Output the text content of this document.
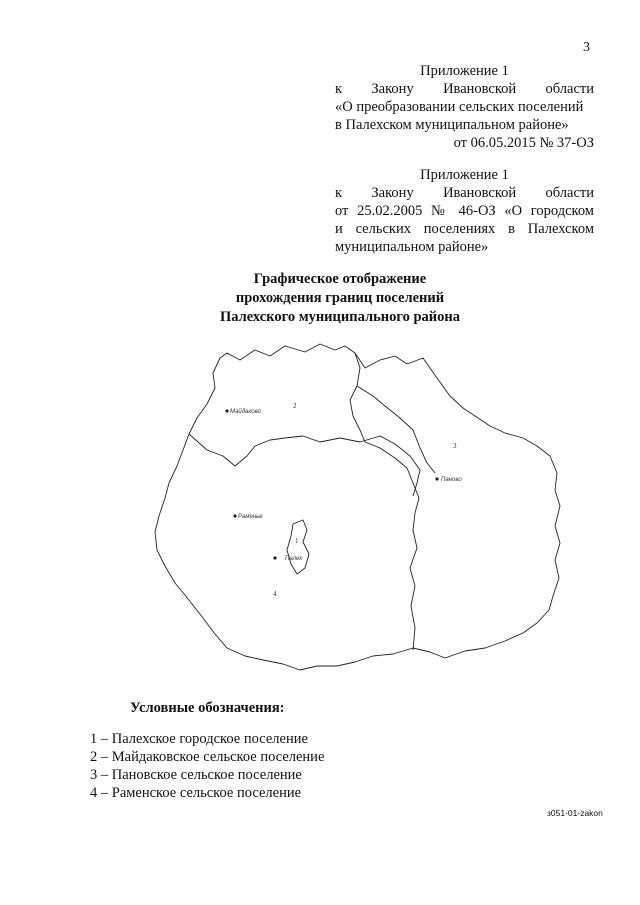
3
Приложение 1
к Закону Ивановской области
«О преобразовании сельских поселений
в Палехском муниципальном районе»
от 06.05.2015 № 37-ОЗ
Приложение 1
к Закону Ивановской области
от 25.02.2005 № 46-ОЗ «О городском
и сельских поселениях в Палехском
муниципальном районе»
Графическое отображение
прохождения границ поселений
Палехского муниципального района
Майдаково
Паново
Раменье
Палех
1
2
3
4
Условные обозначения:
1 – Палехское городское поселение
2 – Майдаковское сельское поселение
3 – Пановское сельское поселение
4 – Раменское сельское поселение
з051-01-zakon
